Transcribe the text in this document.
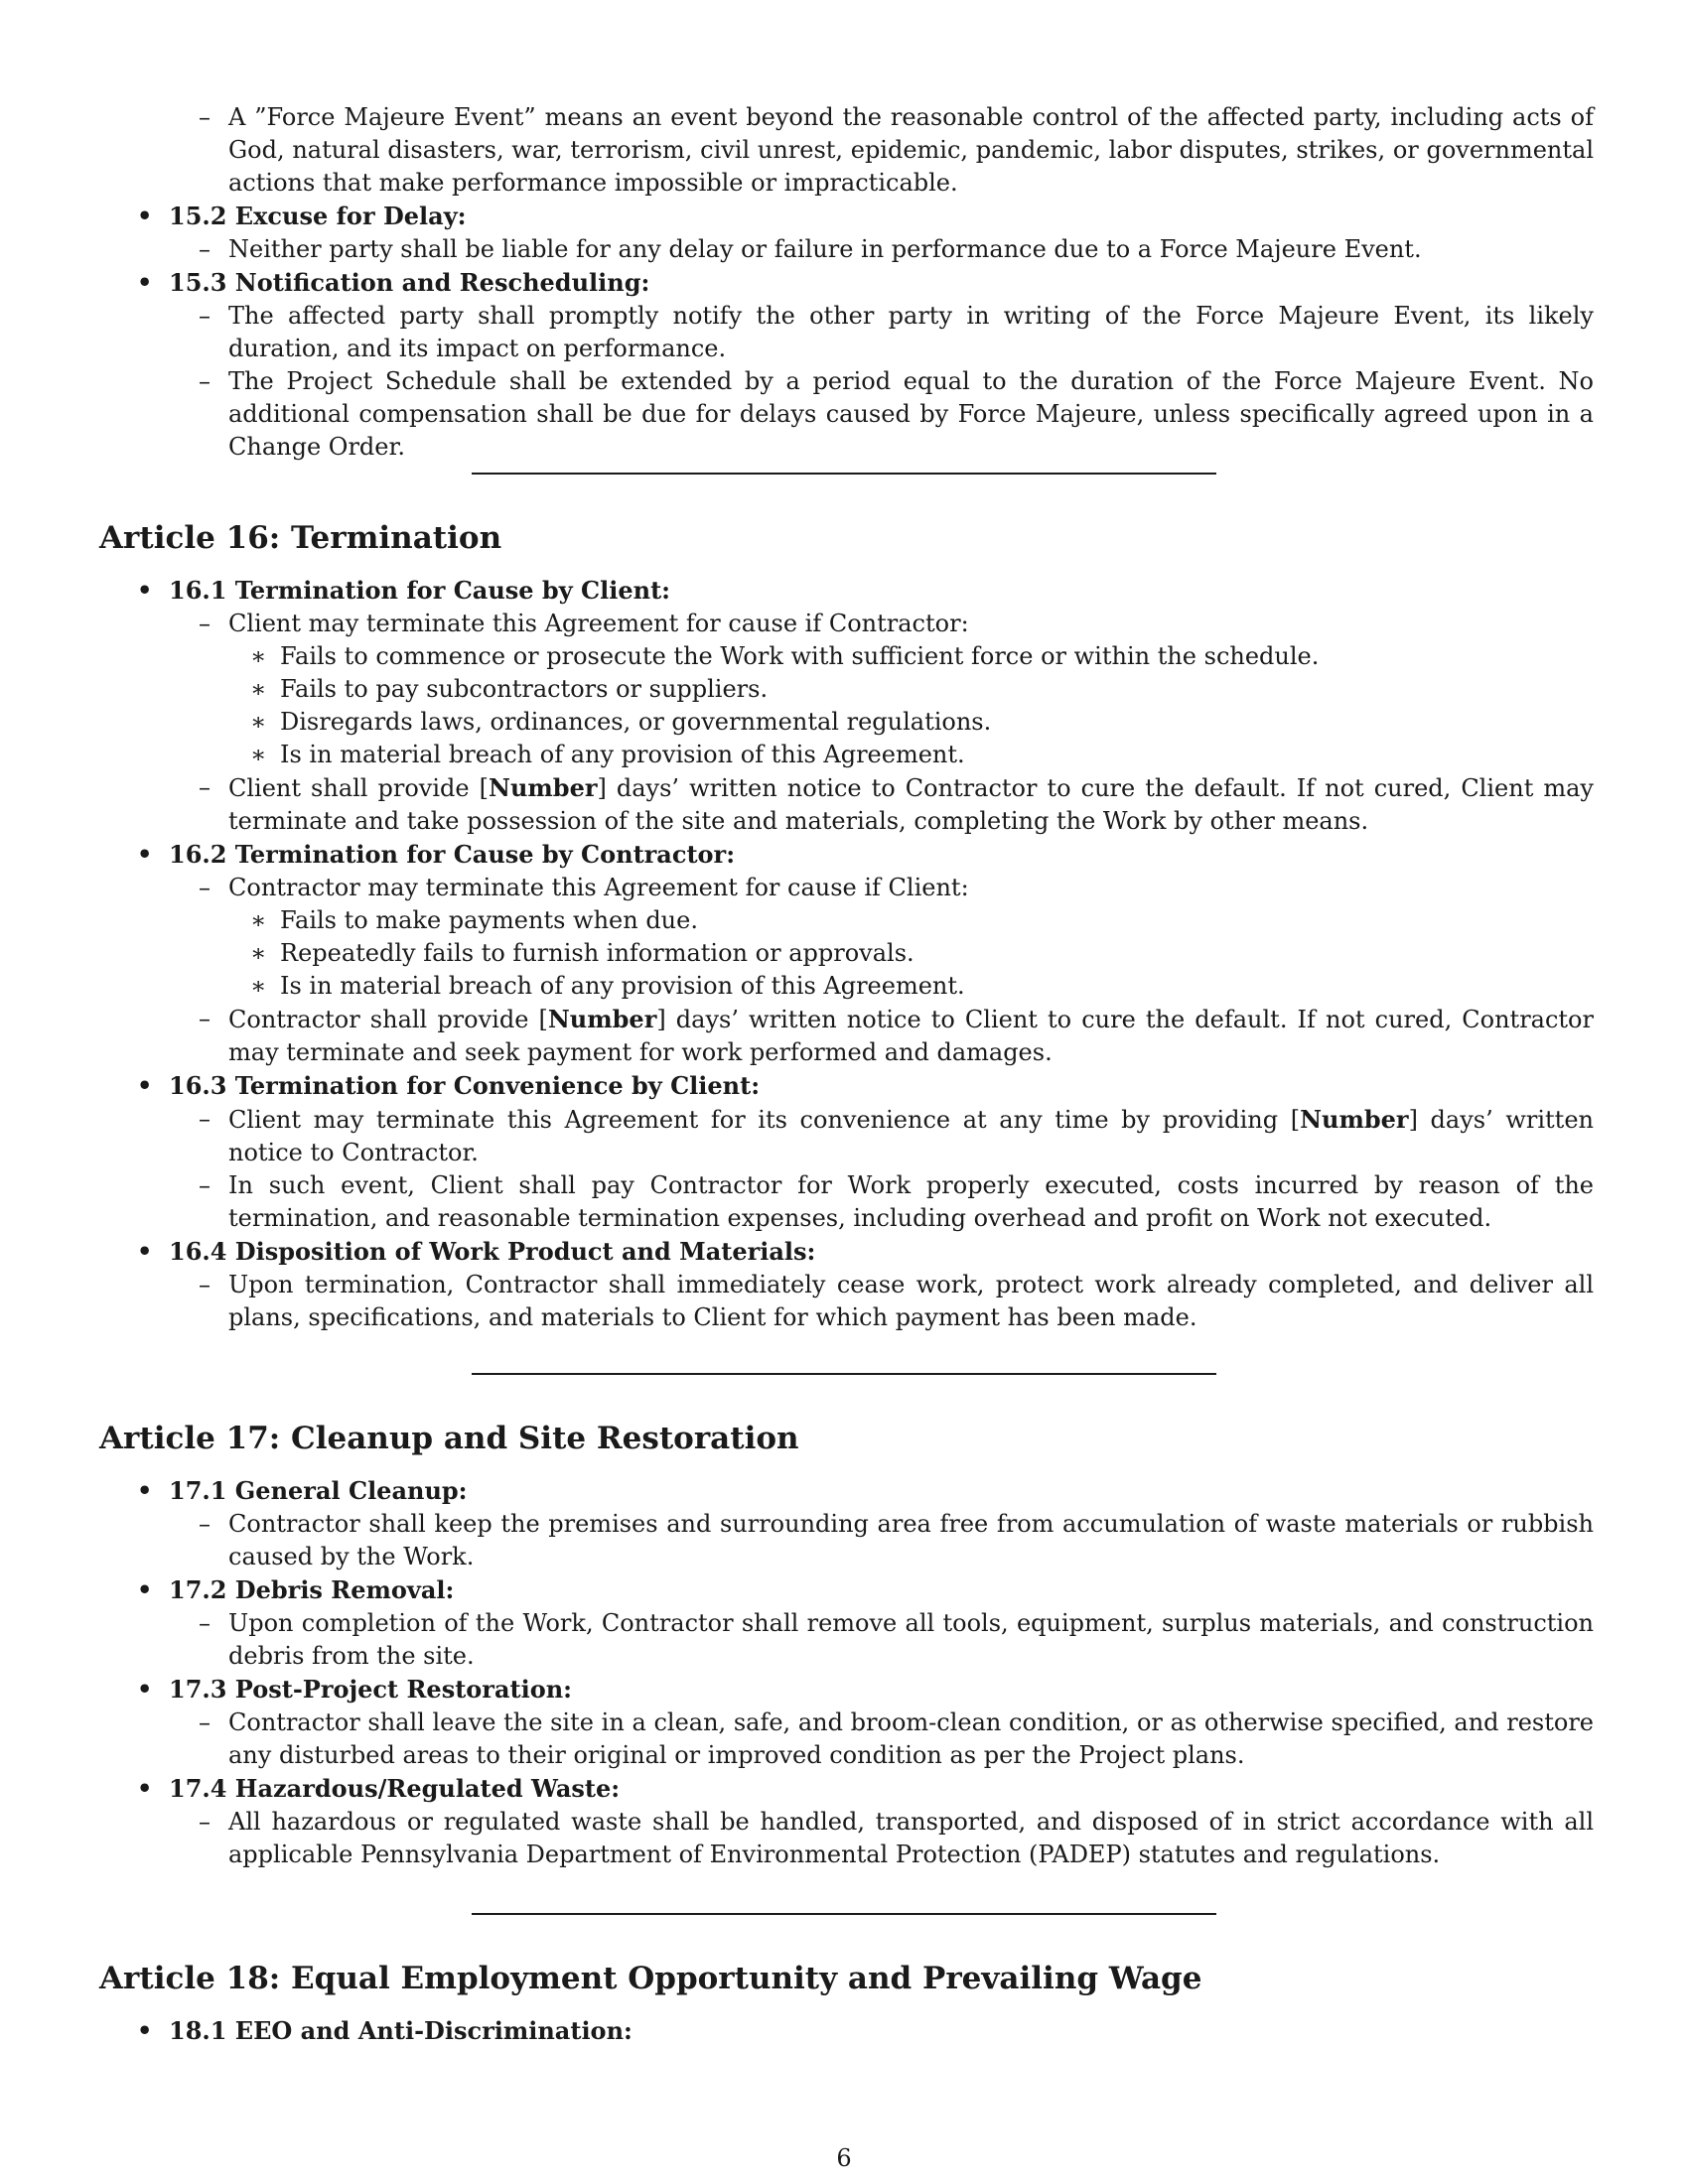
– A ”Force Majeure Event” means an event beyond the reasonable control of the affected party, including acts of God, natural disasters, war, terrorism, civil unrest, epidemic, pandemic, labor disputes, strikes, or governmental actions that make performance impossible or impracticable.
• 15.2 Excuse for Delay:
– Neither party shall be liable for any delay or failure in performance due to a Force Majeure Event.
• 15.3 Notification and Rescheduling:
– The affected party shall promptly notify the other party in writing of the Force Majeure Event, its likely duration, and its impact on performance.
– The Project Schedule shall be extended by a period equal to the duration of the Force Majeure Event. No additional compensation shall be due for delays caused by Force Majeure, unless specifically agreed upon in a Change Order.
Article 16: Termination
• 16.1 Termination for Cause by Client:
– Client may terminate this Agreement for cause if Contractor:
∗ Fails to commence or prosecute the Work with sufficient force or within the schedule.
∗ Fails to pay subcontractors or suppliers.
∗ Disregards laws, ordinances, or governmental regulations.
∗ Is in material breach of any provision of this Agreement.
– Client shall provide [Number] days’ written notice to Contractor to cure the default. If not cured, Client may terminate and take possession of the site and materials, completing the Work by other means.
• 16.2 Termination for Cause by Contractor:
– Contractor may terminate this Agreement for cause if Client:
∗ Fails to make payments when due.
∗ Repeatedly fails to furnish information or approvals.
∗ Is in material breach of any provision of this Agreement.
– Contractor shall provide [Number] days’ written notice to Client to cure the default. If not cured, Contractor may terminate and seek payment for work performed and damages.
• 16.3 Termination for Convenience by Client:
– Client may terminate this Agreement for its convenience at any time by providing [Number] days’ written notice to Contractor.
– In such event, Client shall pay Contractor for Work properly executed, costs incurred by reason of the termination, and reasonable termination expenses, including overhead and profit on Work not executed.
• 16.4 Disposition of Work Product and Materials:
– Upon termination, Contractor shall immediately cease work, protect work already completed, and deliver all plans, specifications, and materials to Client for which payment has been made.
Article 17: Cleanup and Site Restoration
• 17.1 General Cleanup:
– Contractor shall keep the premises and surrounding area free from accumulation of waste materials or rubbish caused by the Work.
• 17.2 Debris Removal:
– Upon completion of the Work, Contractor shall remove all tools, equipment, surplus materials, and construction debris from the site.
• 17.3 Post-Project Restoration:
– Contractor shall leave the site in a clean, safe, and broom-clean condition, or as otherwise specified, and restore any disturbed areas to their original or improved condition as per the Project plans.
• 17.4 Hazardous/Regulated Waste:
– All hazardous or regulated waste shall be handled, transported, and disposed of in strict accordance with all applicable Pennsylvania Department of Environmental Protection (PADEP) statutes and regulations.
Article 18: Equal Employment Opportunity and Prevailing Wage
• 18.1 EEO and Anti-Discrimination:
6
